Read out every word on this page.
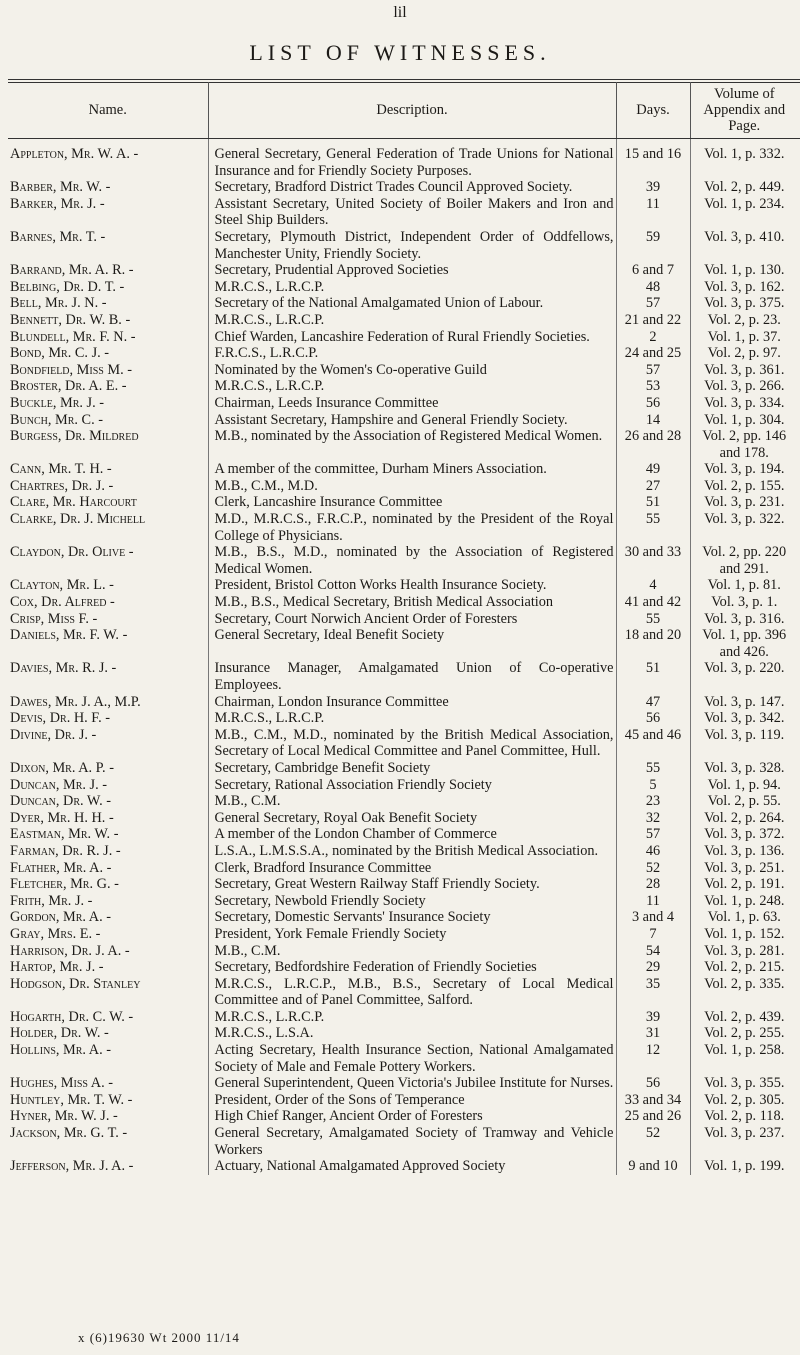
lil
LIST OF WITNESSES.
Name.	Description.	Days.	Volume of Appendix and Page.
Appleton, Mr. W. A. -	General Secretary, General Federation of Trade Unions for National Insurance and for Friendly Society Purposes.	15 and 16	Vol. 1, p. 332.
Barber, Mr. W. -	Secretary, Bradford District Trades Council Approved Society.	39	Vol. 2, p. 449.
Barker, Mr. J. -	Assistant Secretary, United Society of Boiler Makers and Iron and Steel Ship Builders.	11	Vol. 1, p. 234.
Barnes, Mr. T. -	Secretary, Plymouth District, Independent Order of Oddfellows, Manchester Unity, Friendly Society.	59	Vol. 3, p. 410.
Barrand, Mr. A. R. -	Secretary, Prudential Approved Societies	6 and 7	Vol. 1, p. 130.
Belbing, Dr. D. T. -	M.R.C.S., L.R.C.P.	48	Vol. 3, p. 162.
Bell, Mr. J. N. -	Secretary of the National Amalgamated Union of Labour.	57	Vol. 3, p. 375.
Bennett, Dr. W. B. -	M.R.C.S., L.R.C.P.	21 and 22	Vol. 2, p. 23.
Blundell, Mr. F. N. -	Chief Warden, Lancashire Federation of Rural Friendly Societies.	2	Vol. 1, p. 37.
Bond, Mr. C. J. -	F.R.C.S., L.R.C.P.	24 and 25	Vol. 2, p. 97.
Bondfield, Miss M. -	Nominated by the Women's Co-operative Guild	57	Vol. 3, p. 361.
Broster, Dr. A. E. -	M.R.C.S., L.R.C.P.	53	Vol. 3, p. 266.
Buckle, Mr. J. -	Chairman, Leeds Insurance Committee	56	Vol. 3, p. 334.
Bunch, Mr. C. -	Assistant Secretary, Hampshire and General Friendly Society.	14	Vol. 1, p. 304.
Burgess, Dr. Mildred	M.B., nominated by the Association of Registered Medical Women.	26 and 28	Vol. 2, pp. 146 and 178.
Cann, Mr. T. H. -	A member of the committee, Durham Miners Association.	49	Vol. 3, p. 194.
Chartres, Dr. J. -	M.B., C.M., M.D.	27	Vol. 2, p. 155.
Clare, Mr. Harcourt	Clerk, Lancashire Insurance Committee	51	Vol. 3, p. 231.
Clarke, Dr. J. Michell	M.D., M.R.C.S., F.R.C.P., nominated by the President of the Royal College of Physicians.	55	Vol. 3, p. 322.
Claydon, Dr. Olive -	M.B., B.S., M.D., nominated by the Association of Registered Medical Women.	30 and 33	Vol. 2, pp. 220 and 291.
Clayton, Mr. L. -	President, Bristol Cotton Works Health Insurance Society.	4	Vol. 1, p. 81.
Cox, Dr. Alfred -	M.B., B.S., Medical Secretary, British Medical Association	41 and 42	Vol. 3, p. 1.
Crisp, Miss F. -	Secretary, Court Norwich Ancient Order of Foresters	55	Vol. 3, p. 316.
Daniels, Mr. F. W. -	General Secretary, Ideal Benefit Society	18 and 20	Vol. 1, pp. 396 and 426.
Davies, Mr. R. J. -	Insurance Manager, Amalgamated Union of Co-operative Employees.	51	Vol. 3, p. 220.
Dawes, Mr. J. A., M.P.	Chairman, London Insurance Committee	47	Vol. 3, p. 147.
Devis, Dr. H. F. -	M.R.C.S., L.R.C.P.	56	Vol. 3, p. 342.
Divine, Dr. J. -	M.B., C.M., M.D., nominated by the British Medical Association, Secretary of Local Medical Committee and Panel Committee, Hull.	45 and 46	Vol. 3, p. 119.
Dixon, Mr. A. P. -	Secretary, Cambridge Benefit Society	55	Vol. 3, p. 328.
Duncan, Mr. J. -	Secretary, Rational Association Friendly Society	5	Vol. 1, p. 94.
Duncan, Dr. W. -	M.B., C.M.	23	Vol. 2, p. 55.
Dyer, Mr. H. H. -	General Secretary, Royal Oak Benefit Society	32	Vol. 2, p. 264.
Eastman, Mr. W. -	A member of the London Chamber of Commerce	57	Vol. 3, p. 372.
Farman, Dr. R. J. -	L.S.A., L.M.S.S.A., nominated by the British Medical Association.	46	Vol. 3, p. 136.
Flather, Mr. A. -	Clerk, Bradford Insurance Committee	52	Vol. 3, p. 251.
Fletcher, Mr. G. -	Secretary, Great Western Railway Staff Friendly Society.	28	Vol. 2, p. 191.
Frith, Mr. J. -	Secretary, Newbold Friendly Society	11	Vol. 1, p. 248.
Gordon, Mr. A. -	Secretary, Domestic Servants' Insurance Society	3 and 4	Vol. 1, p. 63.
Gray, Mrs. E. -	President, York Female Friendly Society	7	Vol. 1, p. 152.
Harrison, Dr. J. A. -	M.B., C.M.	54	Vol. 3, p. 281.
Hartop, Mr. J. -	Secretary, Bedfordshire Federation of Friendly Societies	29	Vol. 2, p. 215.
Hodgson, Dr. Stanley	M.R.C.S., L.R.C.P., M.B., B.S., Secretary of Local Medical Committee and of Panel Committee, Salford.	35	Vol. 2, p. 335.
Hogarth, Dr. C. W. -	M.R.C.S., L.R.C.P.	39	Vol. 2, p. 439.
Holder, Dr. W. -	M.R.C.S., L.S.A.	31	Vol. 2, p. 255.
Hollins, Mr. A. -	Acting Secretary, Health Insurance Section, National Amalgamated Society of Male and Female Pottery Workers.	12	Vol. 1, p. 258.
Hughes, Miss A. -	General Superintendent, Queen Victoria's Jubilee Institute for Nurses.	56	Vol. 3, p. 355.
Huntley, Mr. T. W. -	President, Order of the Sons of Temperance	33 and 34	Vol. 2, p. 305.
Hyner, Mr. W. J. -	High Chief Ranger, Ancient Order of Foresters	25 and 26	Vol. 2, p. 118.
Jackson, Mr. G. T. -	General Secretary, Amalgamated Society of Tramway and Vehicle Workers	52	Vol. 3, p. 237.
Jefferson, Mr. J. A. -	Actuary, National Amalgamated Approved Society	9 and 10	Vol. 1, p. 199.
x (6)19630 Wt 2000 11/14
